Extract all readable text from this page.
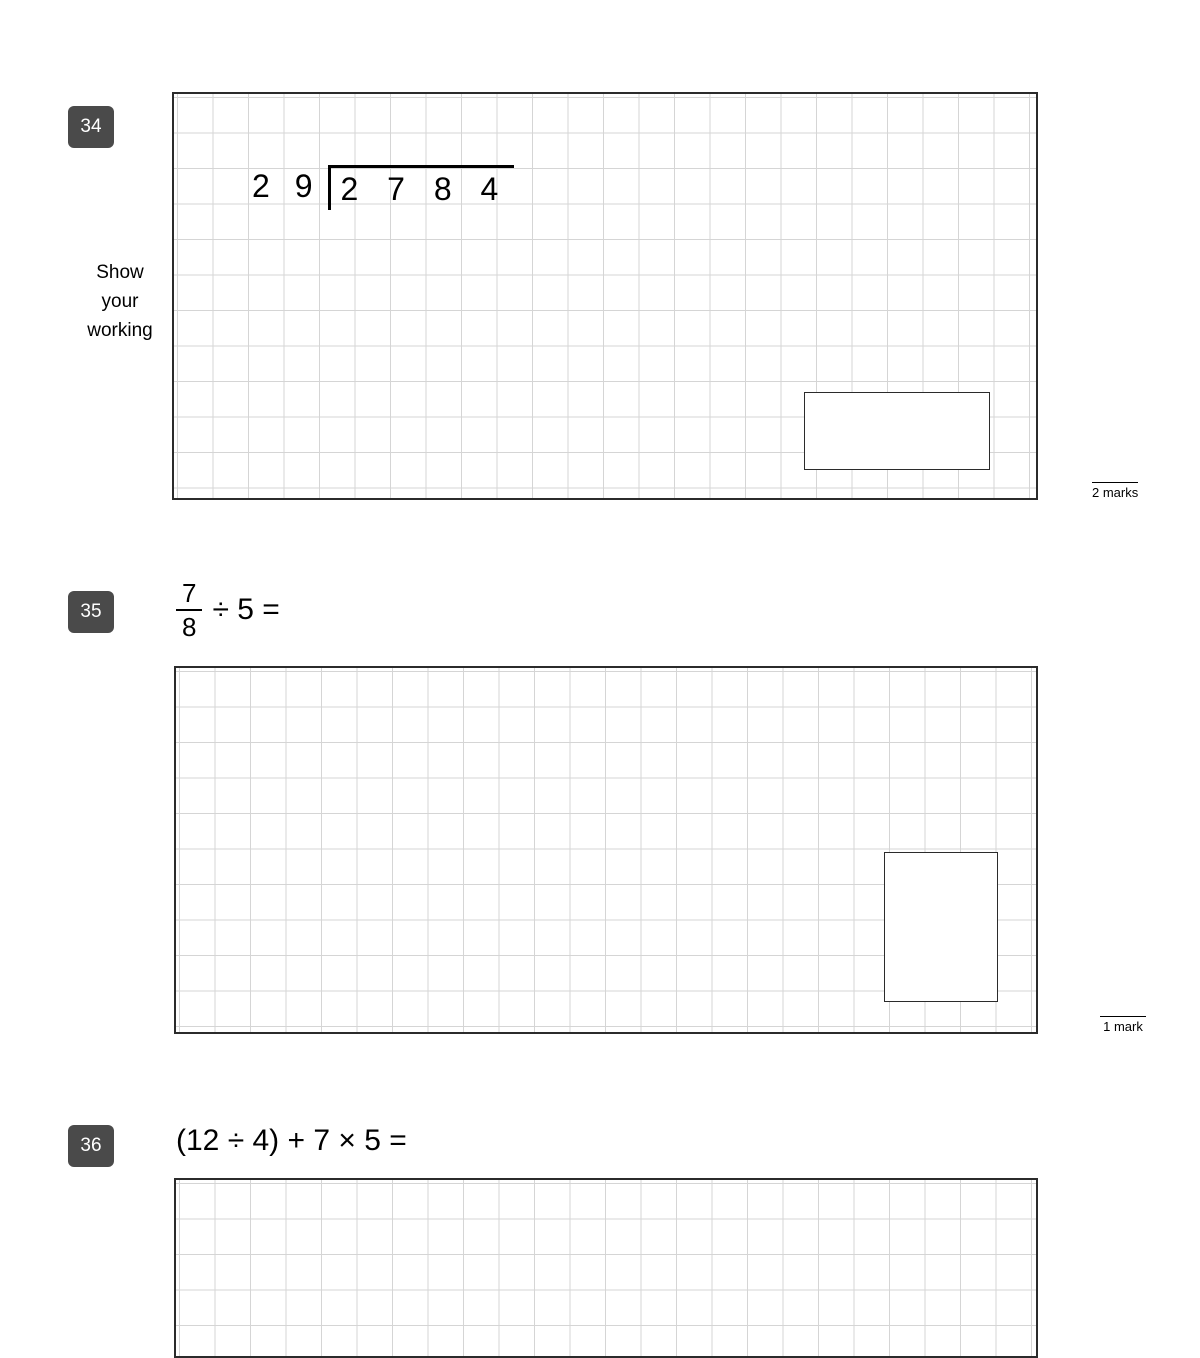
34
Show
your
working
2 9 2 7 8 4
2 marks
35	$\frac{7}{8} \div 5$ =
1 mark
36	(12 ÷ 4) + 7 × 5 =
